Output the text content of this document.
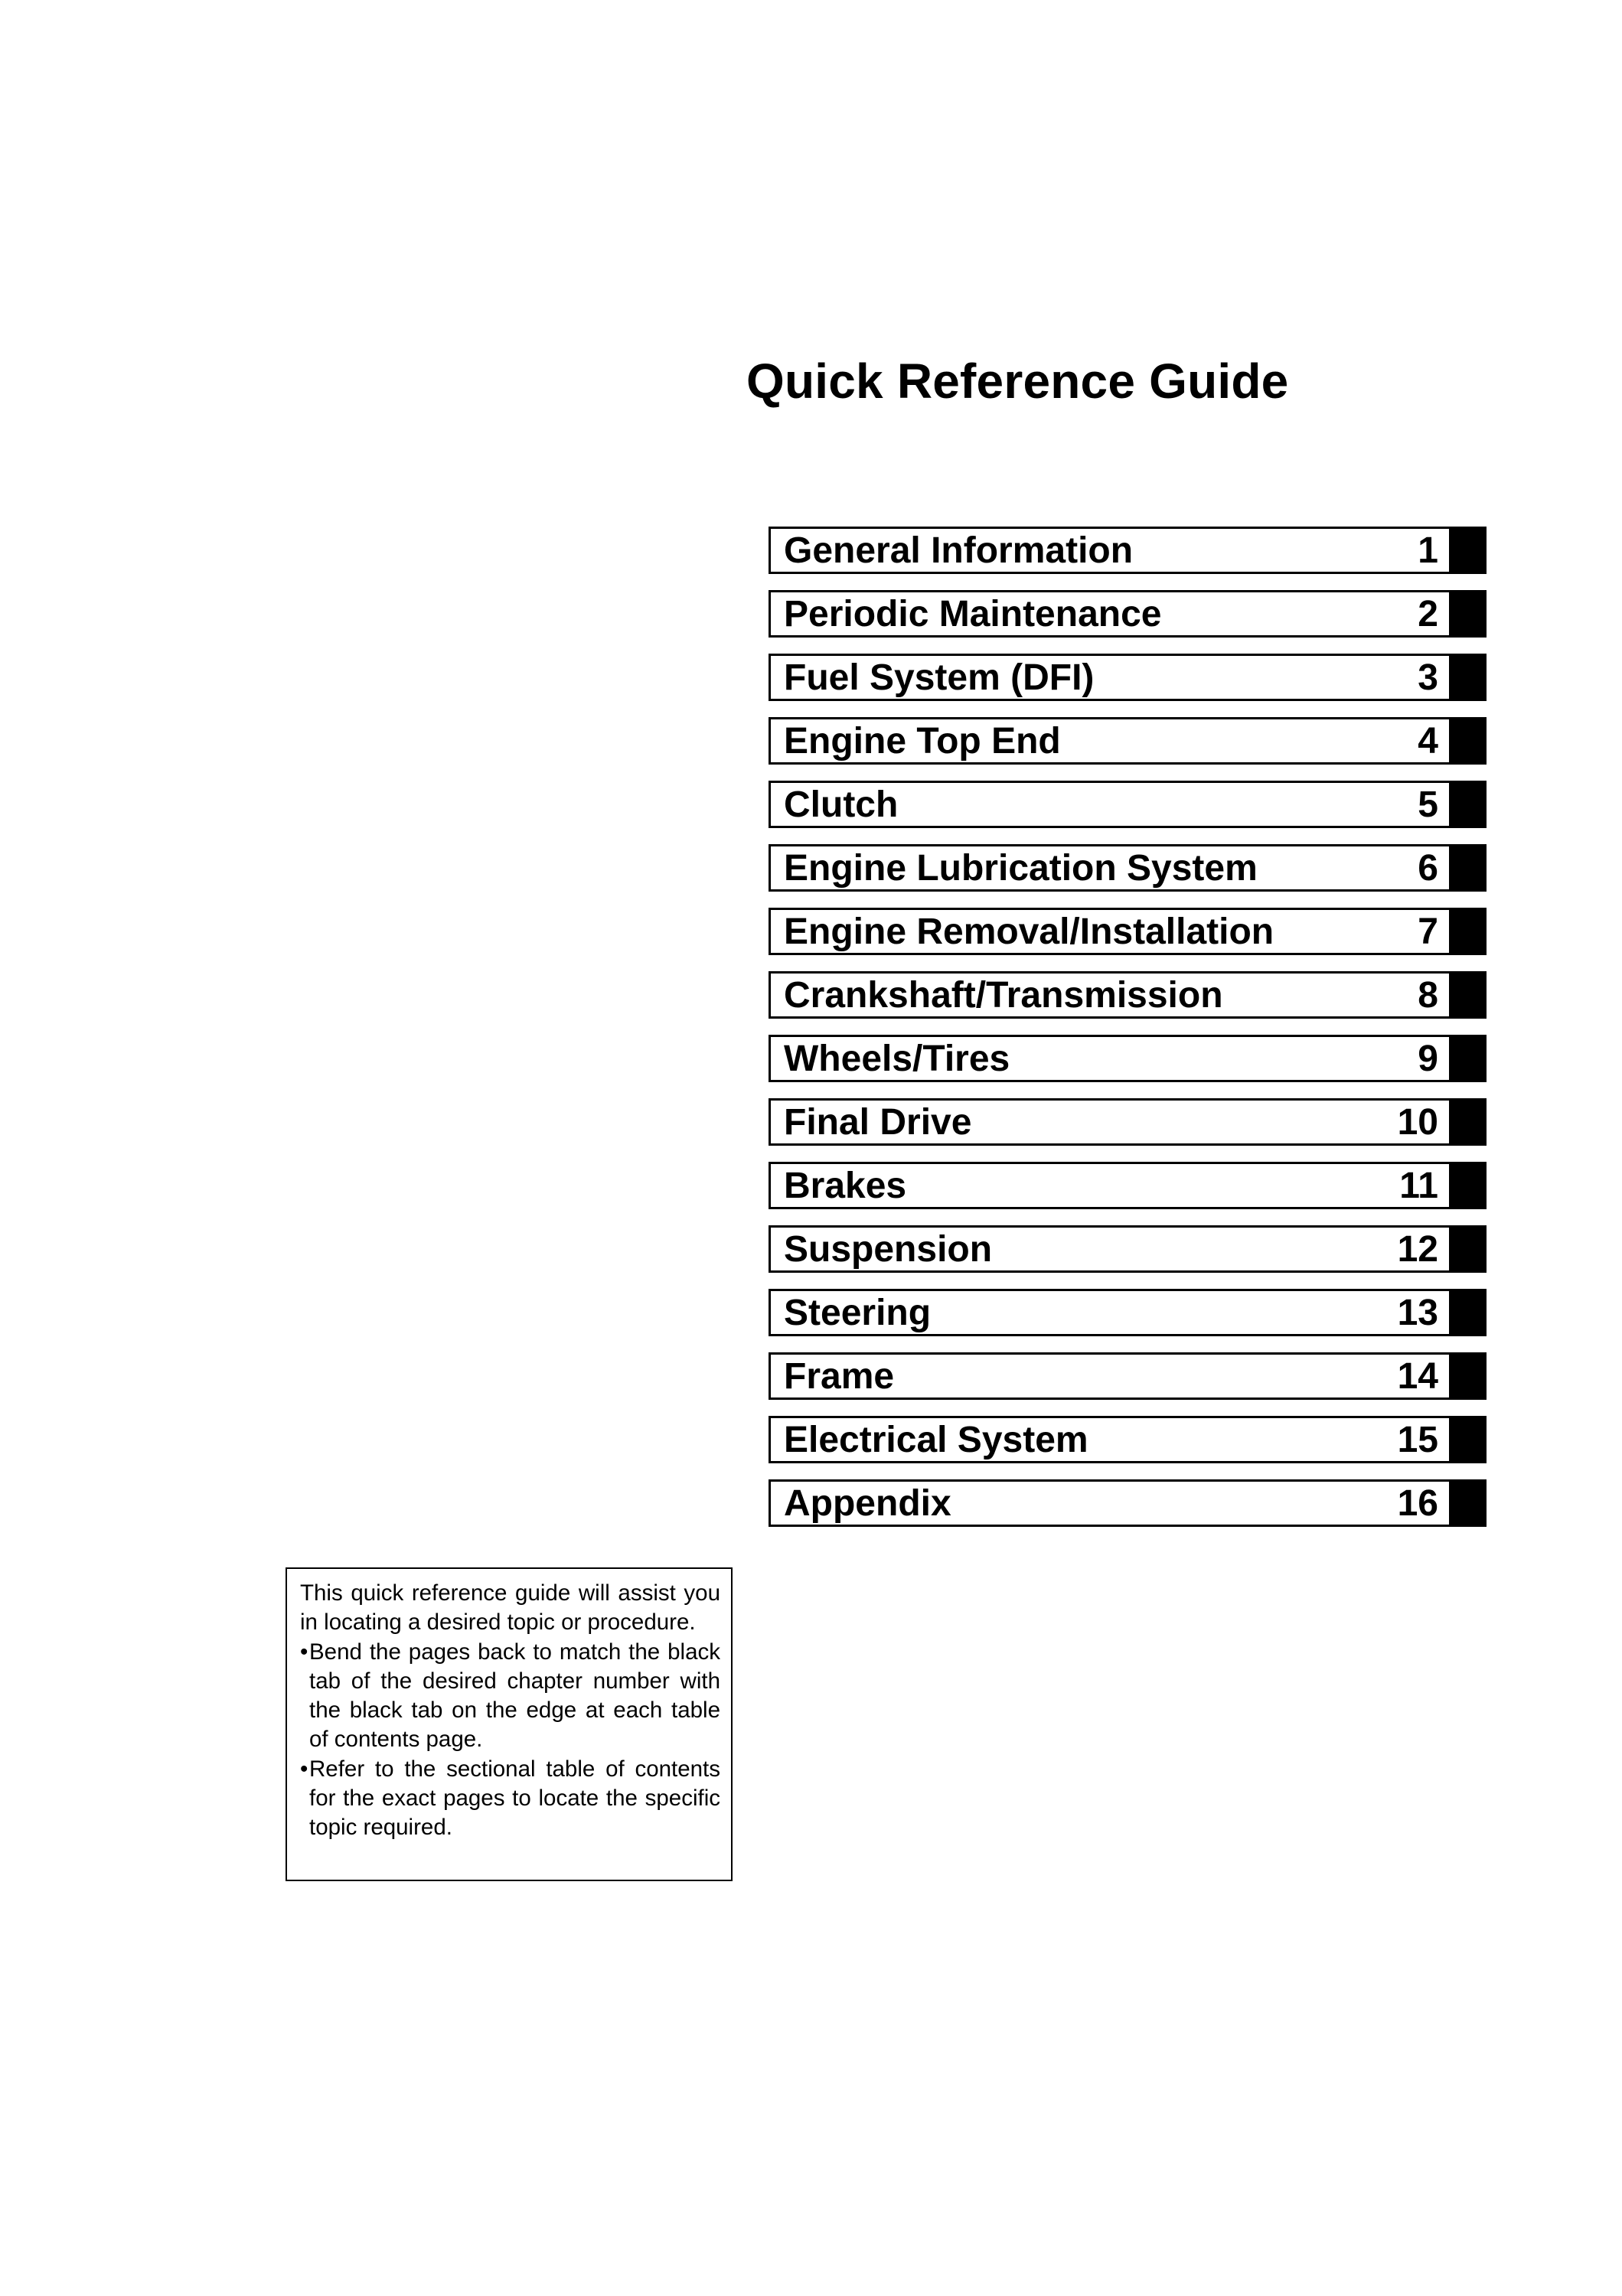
Quick Reference Guide
General Information	1
Periodic Maintenance	2
Fuel System (DFI)	3
Engine Top End	4
Clutch	5
Engine Lubrication System	6
Engine Removal/Installation	7
Crankshaft/Transmission	8
Wheels/Tires	9
Final Drive	10
Brakes	11
Suspension	12
Steering	13
Frame	14
Electrical System	15
Appendix	16

This quick reference guide will assist you in locating a desired topic or procedure.

• Bend the pages back to match the black tab of the desired chapter number with the black tab on the edge at each table of contents page.
• Refer to the sectional table of contents for the exact pages to locate the specific topic required.
